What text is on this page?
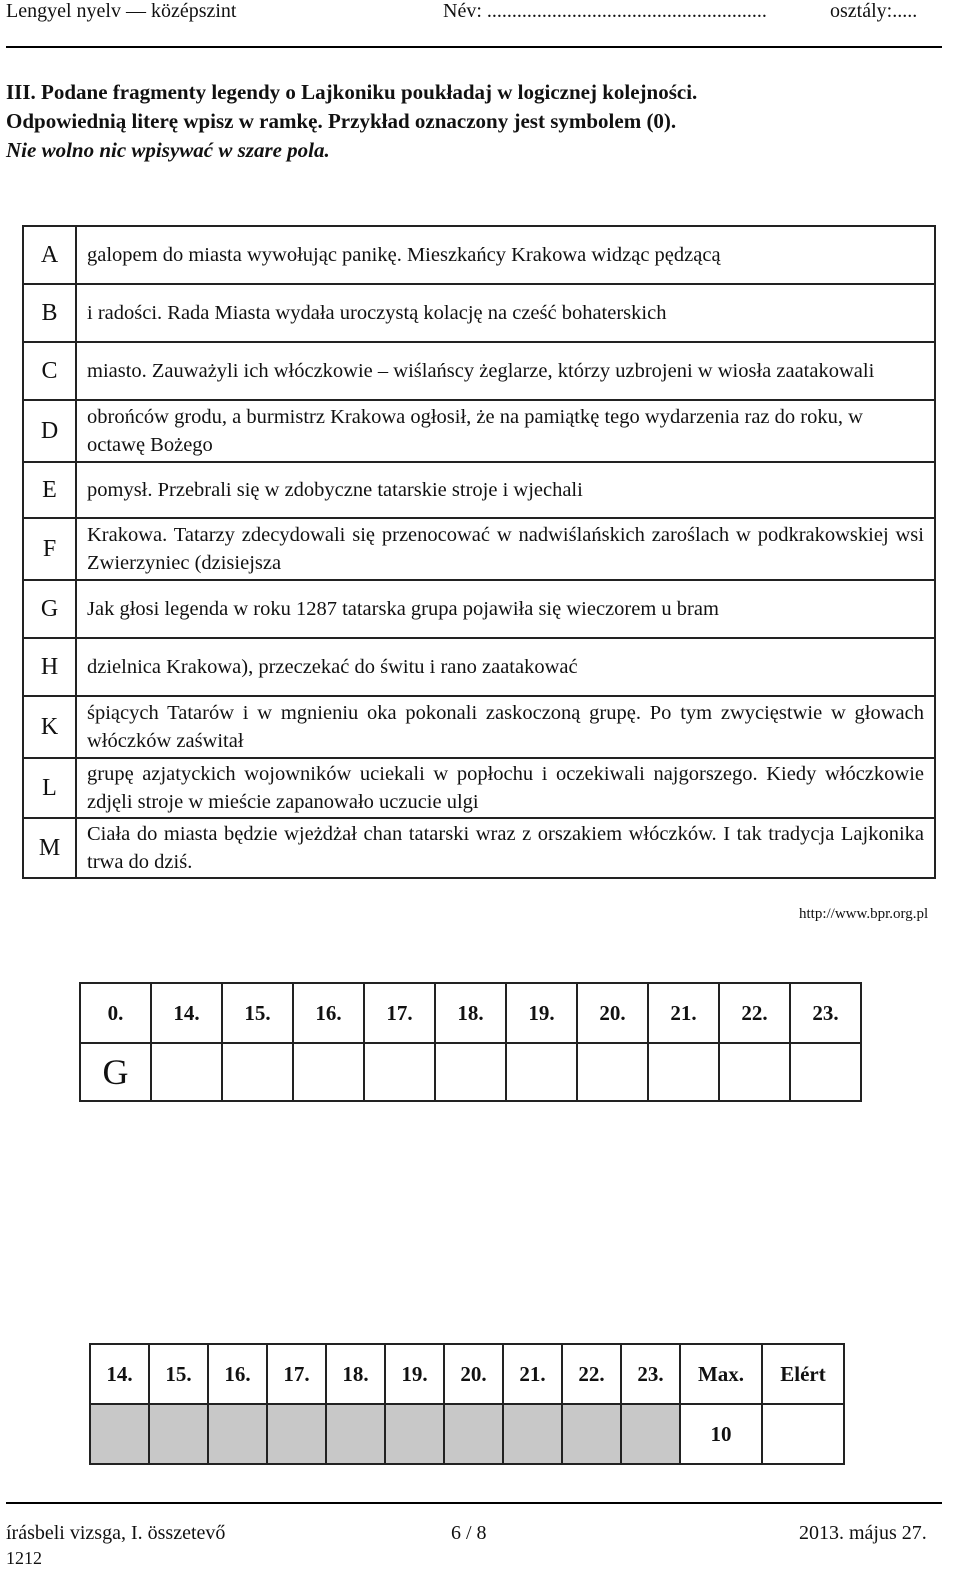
Lengyel nyelv — középszint	Név: ........................................................	osztály:.....
III. Podane fragmenty legendy o Lajkoniku poukładaj w logicznej kolejności.
Odpowiednią literę wpisz w ramkę. Przykład oznaczony jest symbolem (0).
Nie wolno nic wpisywać w szare pola.
A	galopem do miasta wywołując panikę. Mieszkańcy Krakowa widząc pędzącą
B	i radości. Rada Miasta wydała uroczystą kolację na cześć bohaterskich
C	miasto. Zauważyli ich włóczkowie – wiślańscy żeglarze, którzy uzbrojeni w wiosła zaatakowali
D	obrońców grodu, a burmistrz Krakowa ogłosił, że na pamiątkę tego wydarzenia raz do roku, w octawę Bożego
E	pomysł. Przebrali się w zdobyczne tatarskie stroje i wjechali
F	Krakowa. Tatarzy zdecydowali się przenocować w nadwiślańskich zaroślach w podkrakowskiej wsi Zwierzyniec (dzisiejsza
G	Jak głosi legenda w roku 1287 tatarska grupa pojawiła się wieczorem u bram
H	dzielnica Krakowa), przeczekać do świtu i rano zaatakować
K	śpiących Tatarów i w mgnieniu oka pokonali zaskoczoną grupę. Po tym zwycięstwie w głowach włóczków zaświtał
L	grupę azjatyckich wojowników uciekali w popłochu i oczekiwali najgorszego. Kiedy włóczkowie zdjęli stroje w mieście zapanowało uczucie ulgi
M	Ciała do miasta będzie wjeżdżał chan tatarski wraz z orszakiem włóczków. I tak tradycja Lajkonika trwa do dziś.
http://www.bpr.org.pl
0.	14.	15.	16.	17.	18.	19.	20.	21.	22.	23.
G										
14.	15.	16.	17.	18.	19.	20.	21.	22.	23.	Max.	Elért
										10	
írásbeli vizsga, I. összetevő	6 / 8	2013. május 27.
1212
